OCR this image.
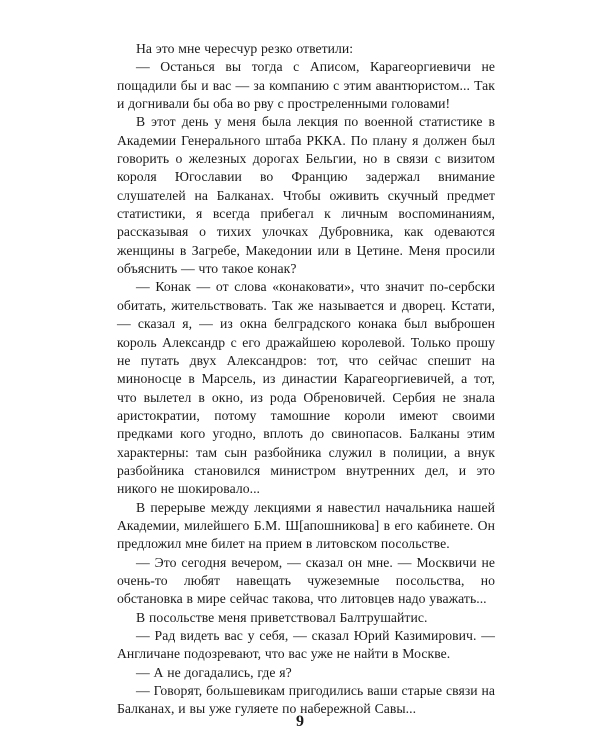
На это мне чересчур резко ответили:

— Останься вы тогда с Аписом, Карагеоргиевичи не пощадили бы и вас — за компанию с этим авантюристом... Так и догнивали бы оба во рву с простреленными головами!

В этот день у меня была лекция по военной статистике в Академии Генерального штаба РККА. По плану я должен был говорить о железных дорогах Бельгии, но в связи с визитом короля Югославии во Францию задержал внимание слушателей на Балканах. Чтобы оживить скучный предмет статистики, я всегда прибегал к личным воспоминаниям, рассказывая о тихих улочках Дубровника, как одеваются женщины в Загребе, Македонии или в Цетине. Меня просили объяснить — что такое конак?

— Конак — от слова «конаковати», что значит по-сербски обитать, жительствовать. Так же называется и дворец. Кстати, — сказал я, — из окна белградского конака был выброшен король Александр с его дражайшею королевой. Только прошу не путать двух Александров: тот, что сейчас спешит на миноносце в Марсель, из династии Карагеоргиевичей, а тот, что вылетел в окно, из рода Обреновичей. Сербия не знала аристократии, потому тамошние короли имеют своими предками кого угодно, вплоть до свинопасов. Балканы этим характерны: там сын разбойника служил в полиции, а внук разбойника становился министром внутренних дел, и это никого не шокировало...

В перерыве между лекциями я навестил начальника нашей Академии, милейшего Б.М. Ш[апошникова] в его кабинете. Он предложил мне билет на прием в литовском посольстве.

— Это сегодня вечером, — сказал он мне. — Москвичи не очень-то любят навещать чужеземные посольства, но обстановка в мире сейчас такова, что литовцев надо уважать...

В посольстве меня приветствовал Балтрушайтис.

— Рад видеть вас у себя, — сказал Юрий Казимирович. — Англичане подозревают, что вас уже не найти в Москве.

— А не догадались, где я?

— Говорят, большевикам пригодились ваши старые связи на Балканах, и вы уже гуляете по набережной Савы...

9
